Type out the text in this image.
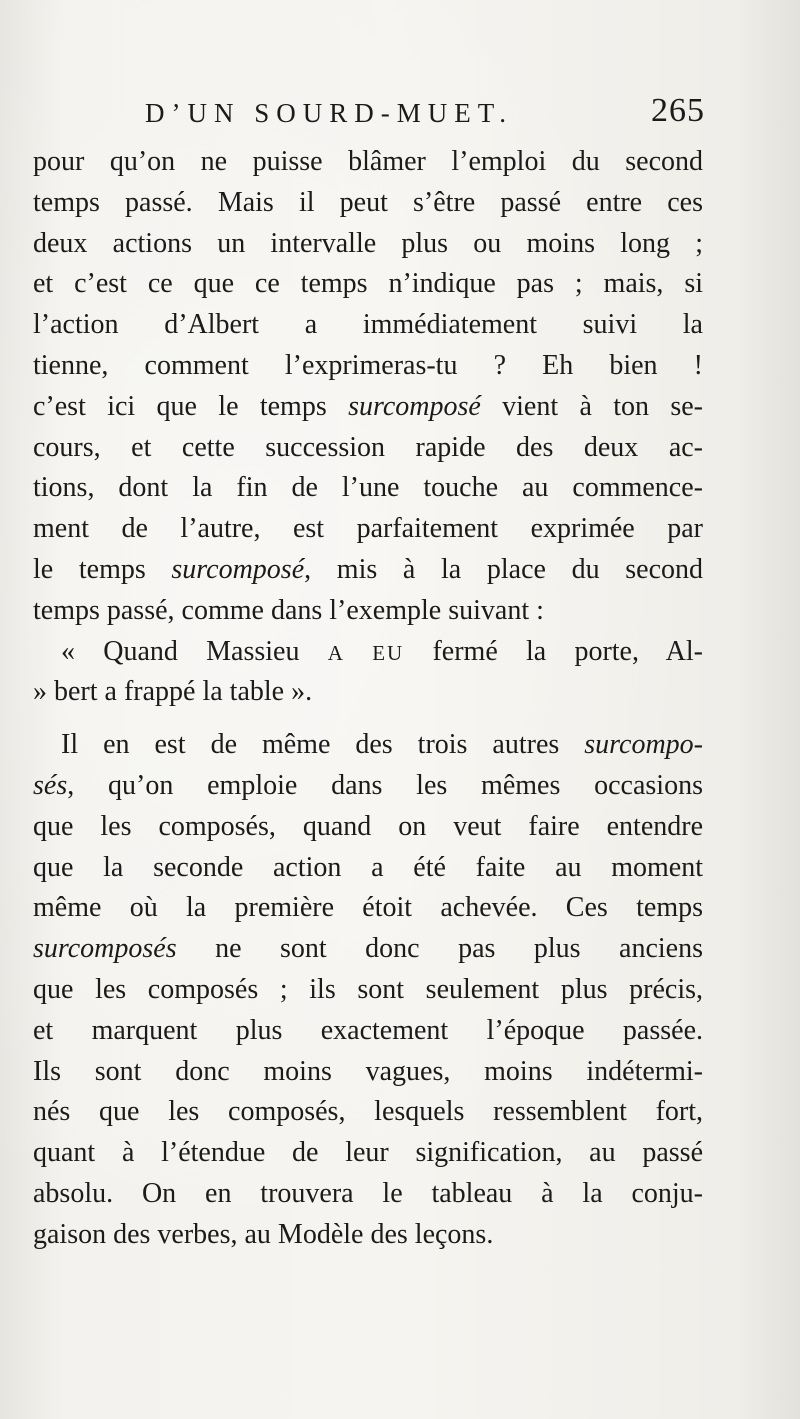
D’UN SOURD-MUET.	265
pour qu’on ne puisse blâmer l’emploi du second
temps passé. Mais il peut s’être passé entre ces
deux actions un intervalle plus ou moins long ;
et c’est ce que ce temps n’indique pas ; mais, si
l’action d’Albert a immédiatement suivi la
tienne, comment l’exprimeras-tu ? Eh bien !
c’est ici que le temps surcomposé vient à ton se-
cours, et cette succession rapide des deux ac-
tions, dont la fin de l’une touche au commence-
ment de l’autre, est parfaitement exprimée par
le temps surcomposé, mis à la place du second
temps passé, comme dans l’exemple suivant :
« Quand Massieu A EU fermé la porte, Al-
» bert a frappé la table ».
Il en est de même des trois autres surcompo-
sés, qu’on emploie dans les mêmes occasions
que les composés, quand on veut faire entendre
que la seconde action a été faite au moment
même où la première étoit achevée. Ces temps
surcomposés ne sont donc pas plus anciens
que les composés ; ils sont seulement plus précis,
et marquent plus exactement l’époque passée.
Ils sont donc moins vagues, moins indétermi-
nés que les composés, lesquels ressemblent fort,
quant à l’étendue de leur signification, au passé
absolu. On en trouvera le tableau à la conju-
gaison des verbes, au Modèle des leçons.
